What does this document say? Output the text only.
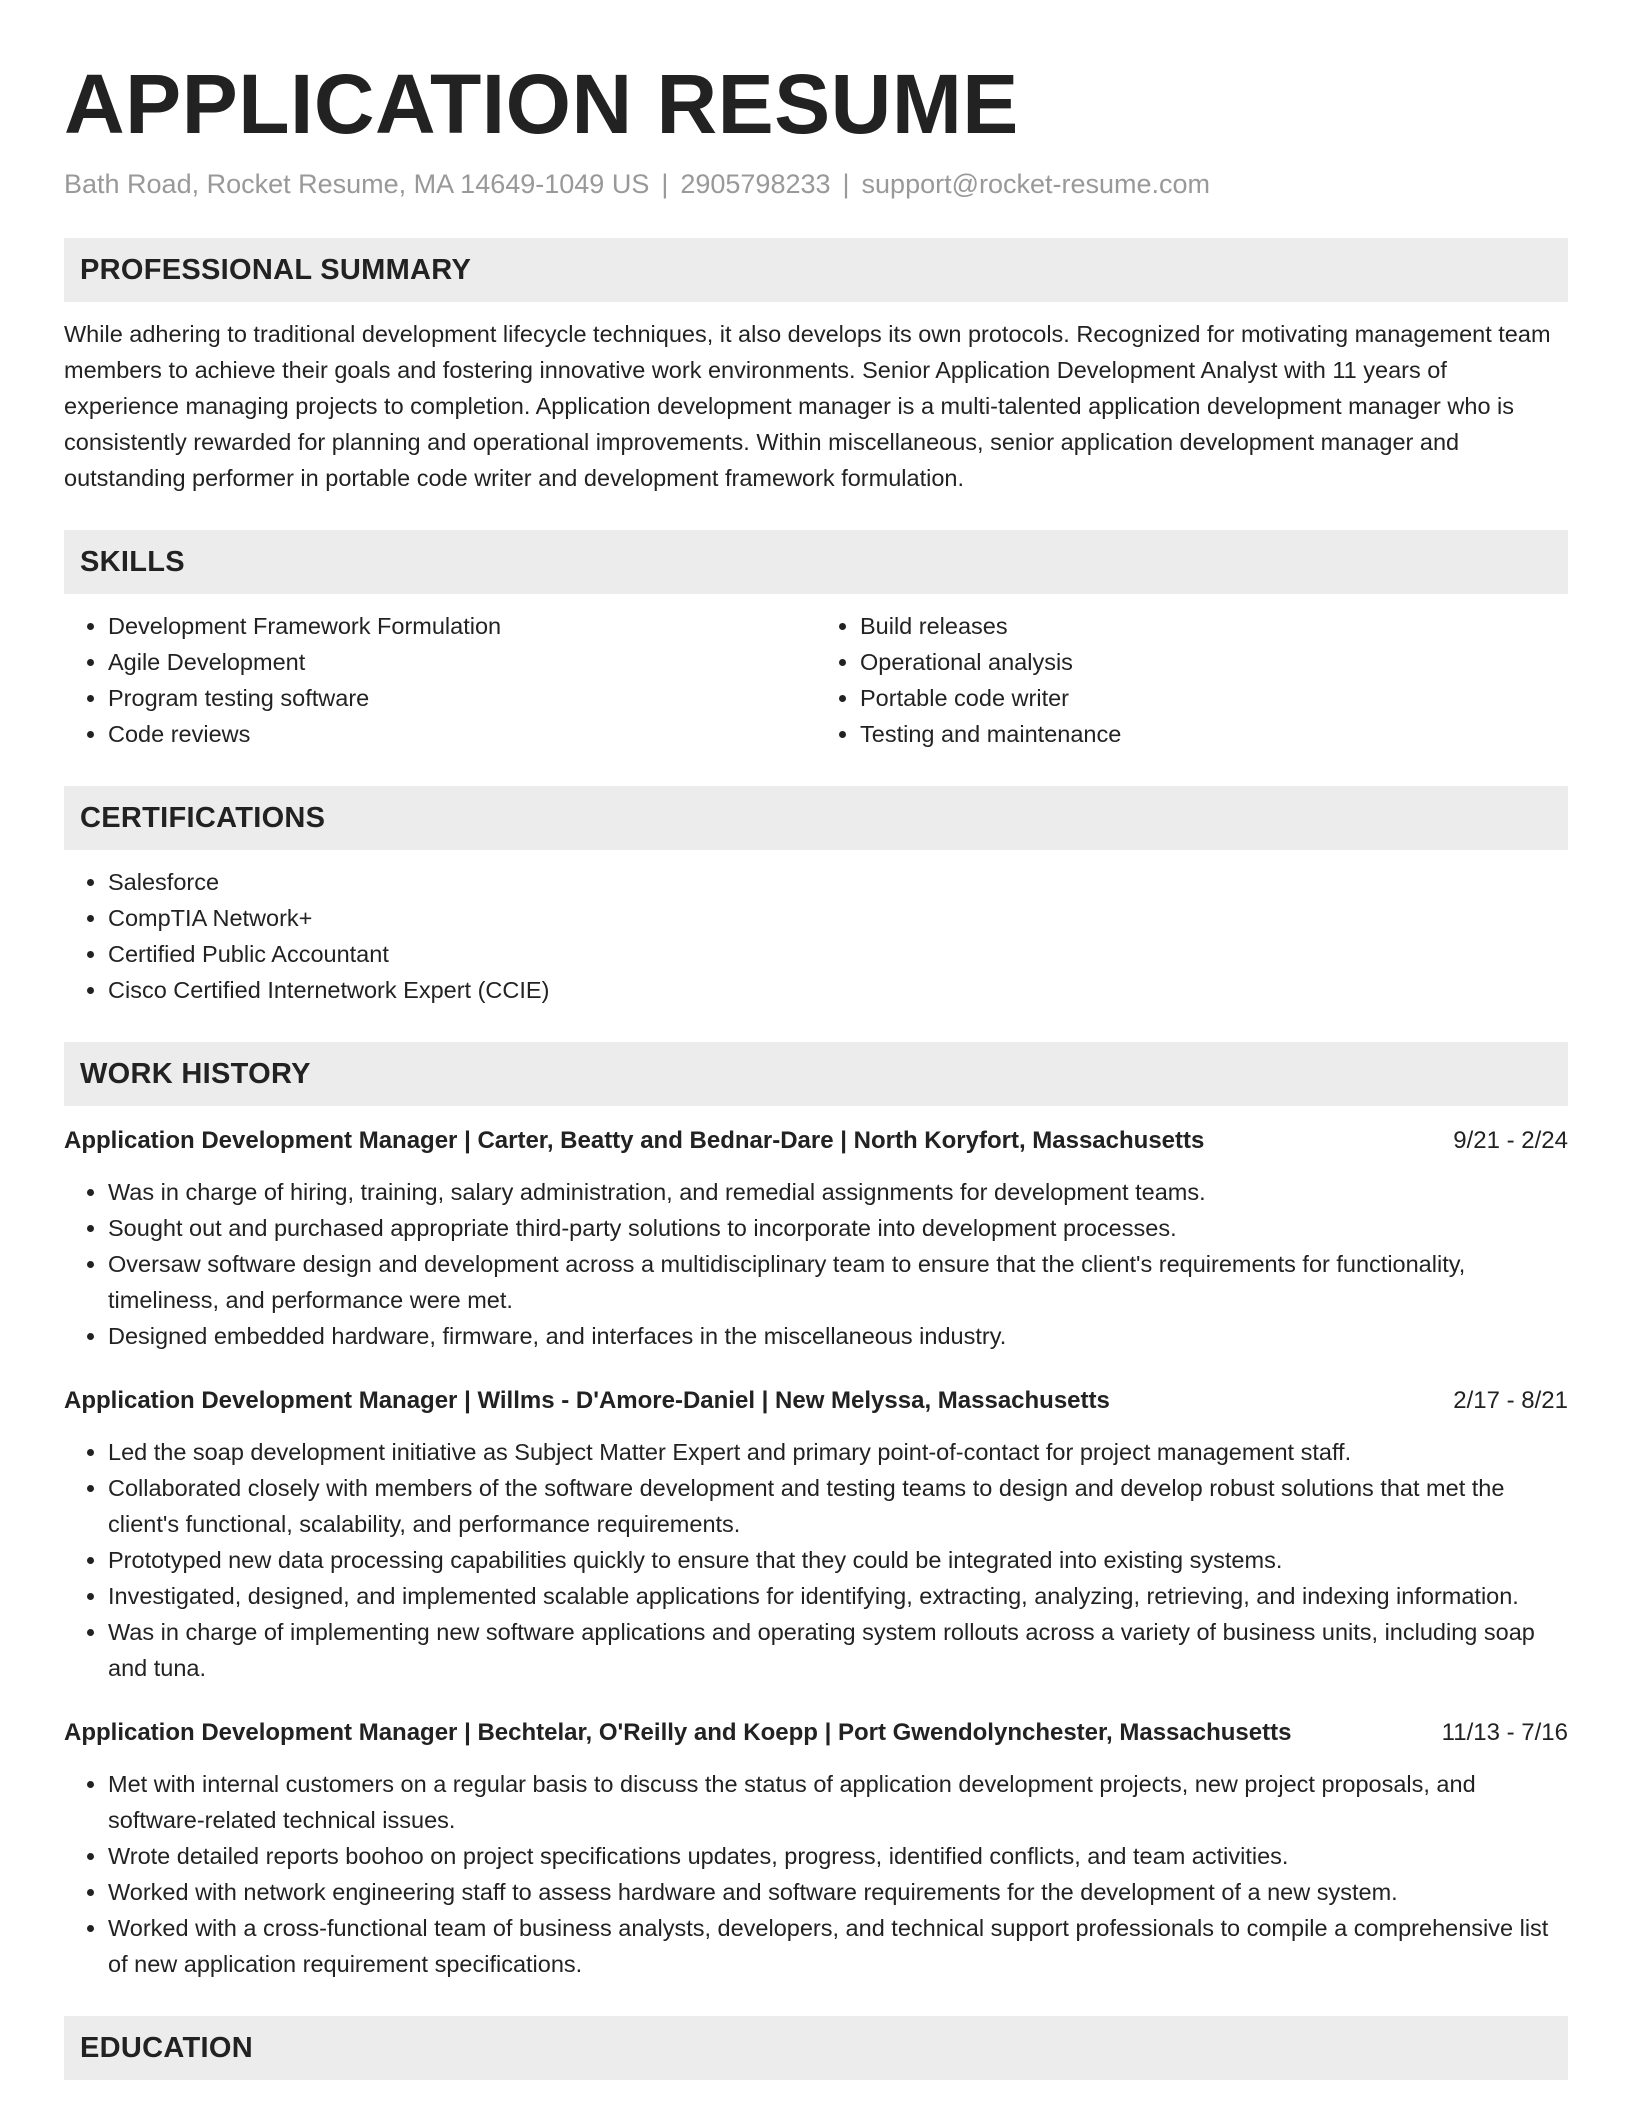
APPLICATION RESUME
Bath Road, Rocket Resume, MA 14649-1049 US | 2905798233 | support@rocket-resume.com
PROFESSIONAL SUMMARY
While adhering to traditional development lifecycle techniques, it also develops its own protocols. Recognized for motivating management team members to achieve their goals and fostering innovative work environments. Senior Application Development Analyst with 11 years of experience managing projects to completion. Application development manager is a multi-talented application development manager who is consistently rewarded for planning and operational improvements. Within miscellaneous, senior application development manager and outstanding performer in portable code writer and development framework formulation.
SKILLS
• Development Framework Formulation
• Agile Development
• Program testing software
• Code reviews
• Build releases
• Operational analysis
• Portable code writer
• Testing and maintenance
CERTIFICATIONS
• Salesforce
• CompTIA Network+
• Certified Public Accountant
• Cisco Certified Internetwork Expert (CCIE)
WORK HISTORY
Application Development Manager | Carter, Beatty and Bednar-Dare | North Koryfort, Massachusetts	9/21 - 2/24
• Was in charge of hiring, training, salary administration, and remedial assignments for development teams.
• Sought out and purchased appropriate third-party solutions to incorporate into development processes.
• Oversaw software design and development across a multidisciplinary team to ensure that the client's requirements for functionality, timeliness, and performance were met.
• Designed embedded hardware, firmware, and interfaces in the miscellaneous industry.
Application Development Manager | Willms - D'Amore-Daniel | New Melyssa, Massachusetts	2/17 - 8/21
• Led the soap development initiative as Subject Matter Expert and primary point-of-contact for project management staff.
• Collaborated closely with members of the software development and testing teams to design and develop robust solutions that met the client's functional, scalability, and performance requirements.
• Prototyped new data processing capabilities quickly to ensure that they could be integrated into existing systems.
• Investigated, designed, and implemented scalable applications for identifying, extracting, analyzing, retrieving, and indexing information.
• Was in charge of implementing new software applications and operating system rollouts across a variety of business units, including soap and tuna.
Application Development Manager | Bechtelar, O'Reilly and Koepp | Port Gwendolynchester, Massachusetts	11/13 - 7/16
• Met with internal customers on a regular basis to discuss the status of application development projects, new project proposals, and software-related technical issues.
• Wrote detailed reports boohoo on project specifications updates, progress, identified conflicts, and team activities.
• Worked with network engineering staff to assess hardware and software requirements for the development of a new system.
• Worked with a cross-functional team of business analysts, developers, and technical support professionals to compile a comprehensive list of new application requirement specifications.
EDUCATION
